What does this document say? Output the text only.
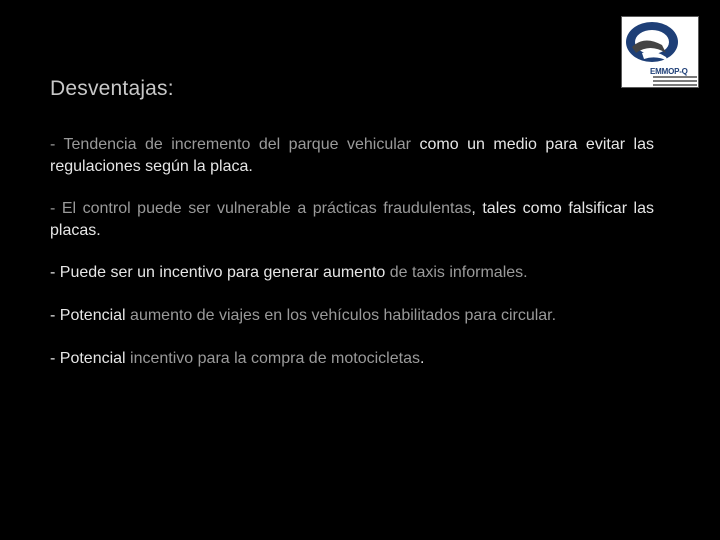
EMMOP-Q
Desventajas:

- Tendencia de incremento del parque vehicular como un medio para evitar las regulaciones según la placa.

- El control puede ser vulnerable a prácticas fraudulentas, tales como falsificar las placas.

- Puede ser un incentivo para generar aumento de taxis informales.

- Potencial aumento de viajes en los vehículos habilitados para circular.

- Potencial incentivo para la compra de motocicletas.
